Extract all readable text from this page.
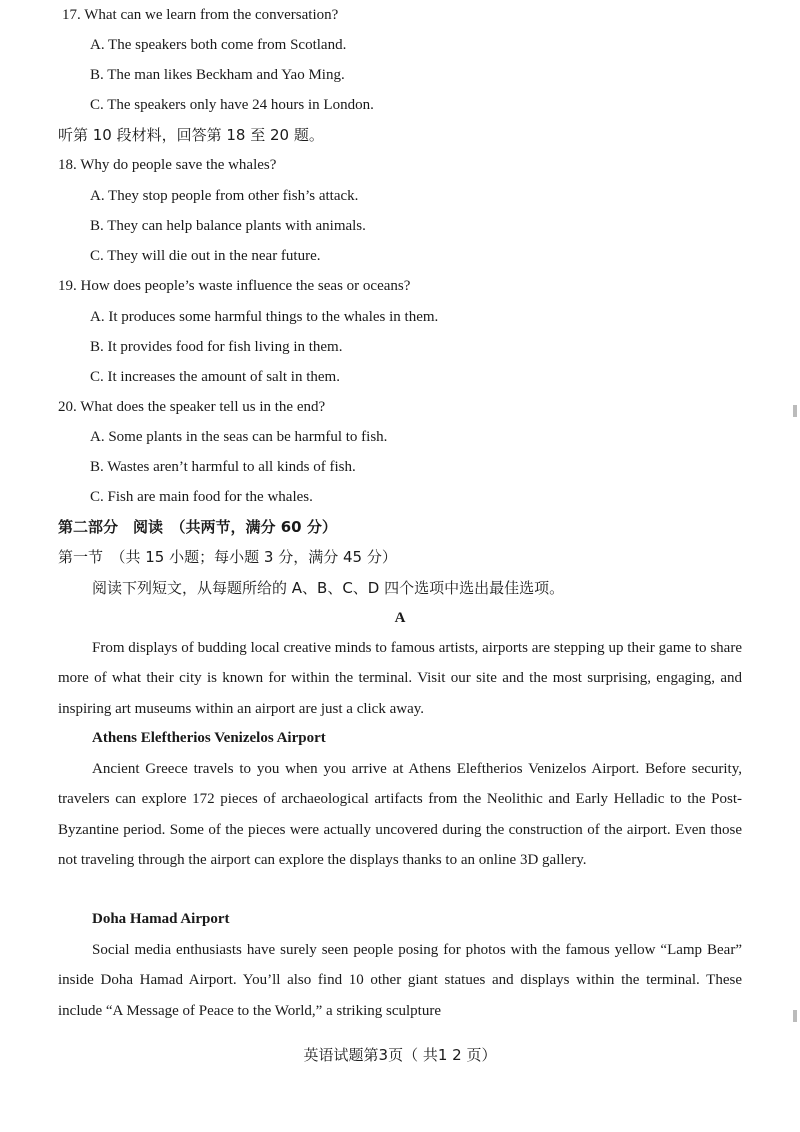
17. What can we learn from the conversation?
A. The speakers both come from Scotland.
B. The man likes Beckham and Yao Ming.
C. The speakers only have 24 hours in London.
听第 10 段材料，回答第 18 至 20 题。
18. Why do people save the whales?
A. They stop people from other fish’s attack.
B. They can help balance plants with animals.
C. They will die out in the near future.
19. How does people’s waste influence the seas or oceans?
A. It produces some harmful things to the whales in them.
B. It provides food for fish living in them.
C. It increases the amount of salt in them.
20. What does the speaker tell us in the end?
A. Some plants in the seas can be harmful to fish.
B. Wastes aren’t harmful to all kinds of fish.
C. Fish are main food for the whales.
第二部分　阅读　（共两节，满分 60 分）
第一节　（共 15 小题；每小题 3 分，满分 45 分）
阅读下列短文，从每题所给的 A、B、C、D 四个选项中选出最佳选项。
A
From displays of budding local creative minds to famous artists, airports are stepping up their game to share more of what their city is known for within the terminal. Visit our site and the most surprising, engaging, and inspiring art museums within an airport are just a click away.
Athens Eleftherios Venizelos Airport
Ancient Greece travels to you when you arrive at Athens Eleftherios Venizelos Airport. Before security, travelers can explore 172 pieces of archaeological artifacts from the Neolithic and Early Helladic to the Post-Byzantine period. Some of the pieces were actually uncovered during the construction of the airport. Even those not traveling through the airport can explore the displays thanks to an online 3D gallery.
Doha Hamad Airport
Social media enthusiasts have surely seen people posing for photos with the famous yellow “Lamp Bear” inside Doha Hamad Airport. You’ll also find 10 other giant statues and displays within the terminal. These include “A Message of Peace to the World,” a striking sculpture
英语试题第3页（ 共1 2 页）
